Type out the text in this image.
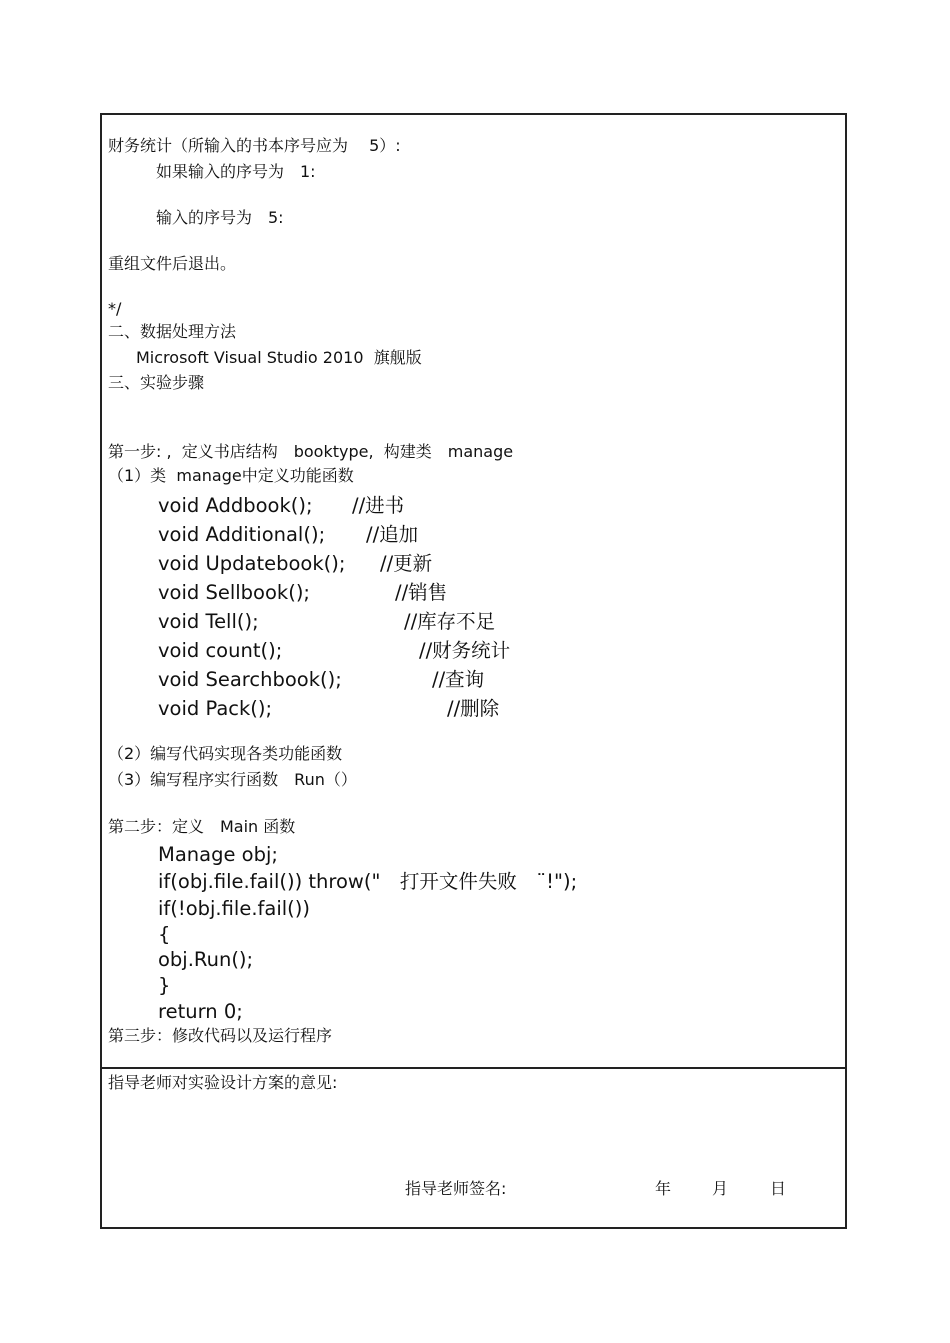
财务统计（所输入的书本序号应为　 5）:
如果输入的序号为　1:
输入的序号为　5:
重组文件后退出。
*/
二、数据处理方法
Microsoft Visual Studio 2010  旗舰版
三、实验步骤
第一步: ,  定义书店结构　booktype,  构建类　manage
（1）类  manage中定义功能函数
void Addbook(); //进书
void Additional(); //追加
void Updatebook(); //更新
void Sellbook();	//销售
void Tell();	//库存不足
void count();	//财务统计
void Searchbook();	//查询
void Pack();	//删除
（2）编写代码实现各类功能函数
（3）编写程序实行函数　Run（）
第二步：定义　Main 函数
Manage obj;
if(obj.file.fail()) throw("　打开文件失败　¨!");
if(!obj.file.fail())
{
obj.Run();
}
return 0;
第三步：修改代码以及运行程序
指导老师对实验设计方案的意见:
指导老师签名:	年	月	日
